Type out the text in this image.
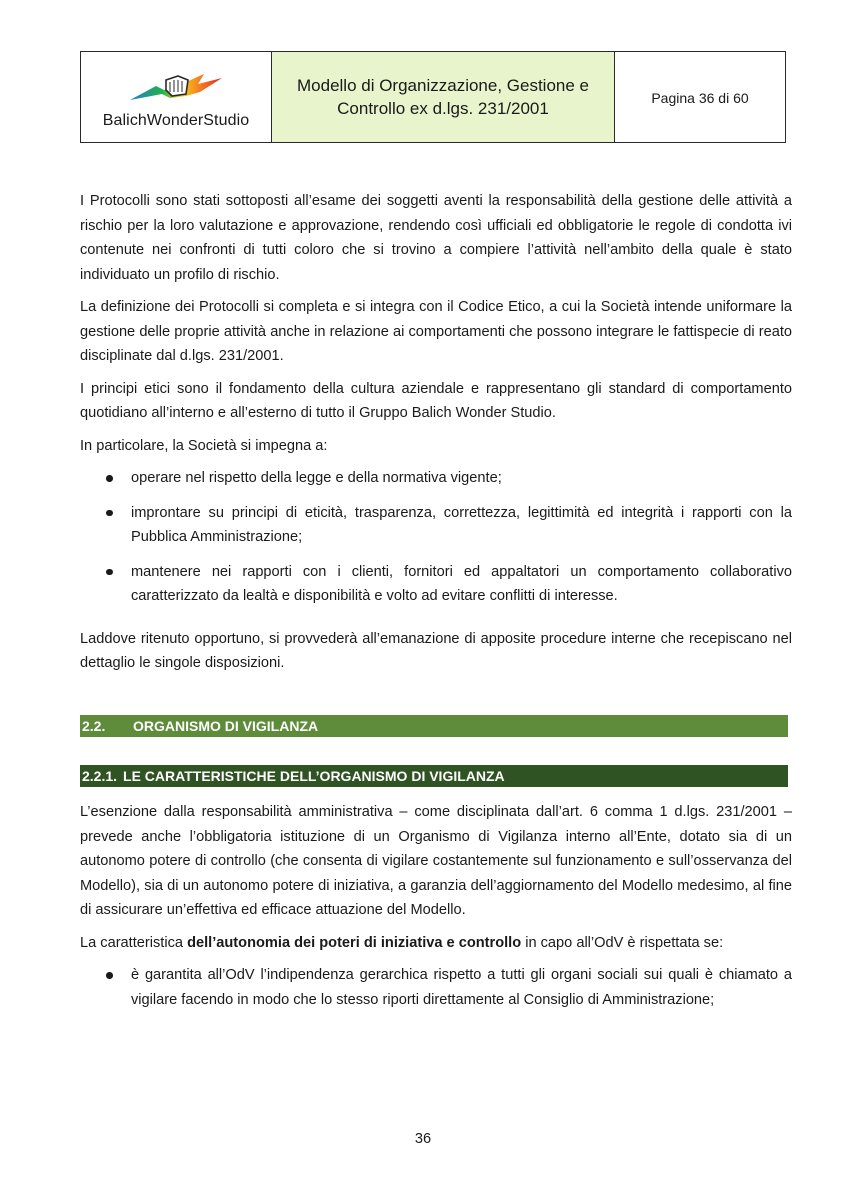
BalichWonderStudio
Modello di Organizzazione, Gestione e
Controllo ex d.lgs. 231/2001
Pagina 36 di 60

I Protocolli sono stati sottoposti all’esame dei soggetti aventi la responsabilità della gestione delle attività a rischio per la loro valutazione e approvazione, rendendo così ufficiali ed obbligatorie le regole di condotta ivi contenute nei confronti di tutti coloro che si trovino a compiere l’attività nell’ambito della quale è stato individuato un profilo di rischio.

La definizione dei Protocolli si completa e si integra con il Codice Etico, a cui la Società intende uniformare la gestione delle proprie attività anche in relazione ai comportamenti che possono integrare le fattispecie di reato disciplinate dal d.lgs. 231/2001.

I principi etici sono il fondamento della cultura aziendale e rappresentano gli standard di comportamento quotidiano all’interno e all’esterno di tutto il Gruppo Balich Wonder Studio.

In particolare, la Società si impegna a:

operare nel rispetto della legge e della normativa vigente;
improntare su principi di eticità, trasparenza, correttezza, legittimità ed integrità i rapporti con la Pubblica Amministrazione;
mantenere nei rapporti con i clienti, fornitori ed appaltatori un comportamento collaborativo caratterizzato da lealtà e disponibilità e volto ad evitare conflitti di interesse.

Laddove ritenuto opportuno, si provvederà all’emanazione di apposite procedure interne che recepiscano nel dettaglio le singole disposizioni.

2.2. ORGANISMO DI VIGILANZA
2.2.1. LE CARATTERISTICHE DELL’ORGANISMO DI VIGILANZA

L’esenzione dalla responsabilità amministrativa – come disciplinata dall’art. 6 comma 1 d.lgs. 231/2001 – prevede anche l’obbligatoria istituzione di un Organismo di Vigilanza interno all’Ente, dotato sia di un autonomo potere di controllo (che consenta di vigilare costantemente sul funzionamento e sull’osservanza del Modello), sia di un autonomo potere di iniziativa, a garanzia dell’aggiornamento del Modello medesimo, al fine di assicurare un’effettiva ed efficace attuazione del Modello.

La caratteristica dell’autonomia dei poteri di iniziativa e controllo in capo all’OdV è rispettata se:

è garantita all’OdV l’indipendenza gerarchica rispetto a tutti gli organi sociali sui quali è chiamato a vigilare facendo in modo che lo stesso riporti direttamente al Consiglio di Amministrazione;
36
